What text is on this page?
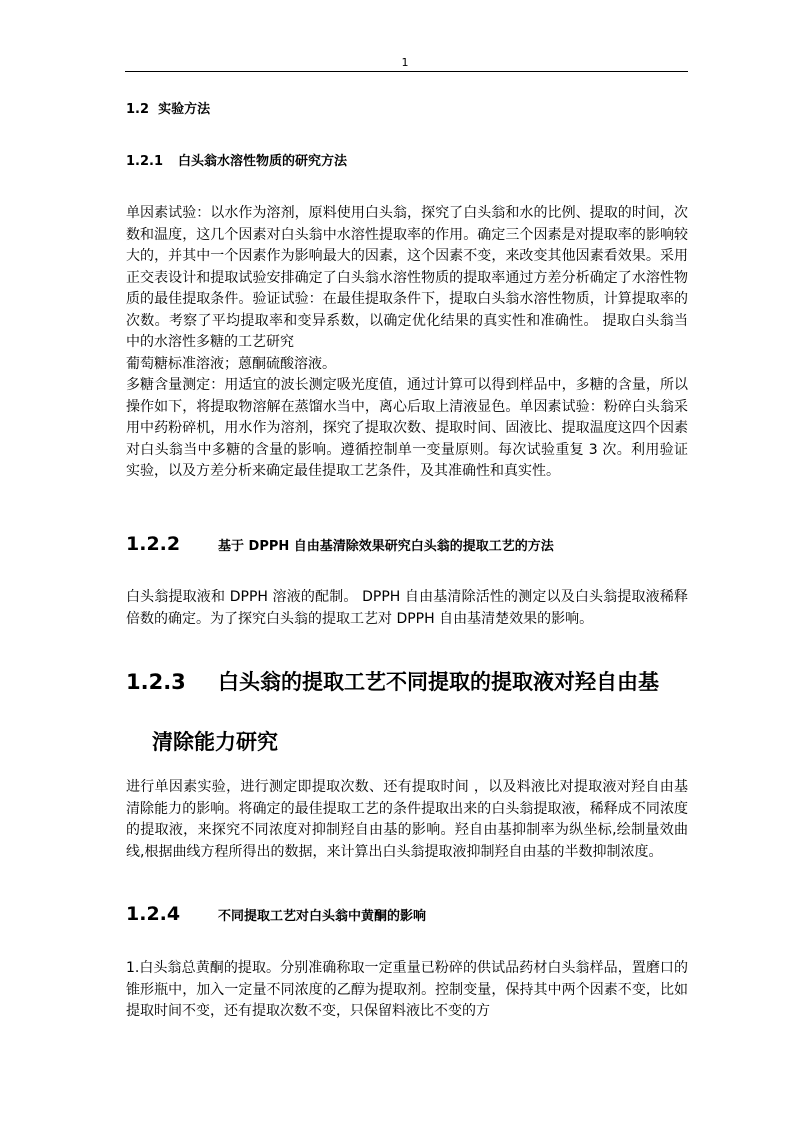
1
1.2 实验方法
1.2.1 白头翁水溶性物质的研究方法

单因素试验：以水作为溶剂，原料使用白头翁，探究了白头翁和水的比例、提取的时间，次数和温度，这几个因素对白头翁中水溶性提取率的作用。确定三个因素是对提取率的影响较大的，并其中一个因素作为影响最大的因素，这个因素不变，来改变其他因素看效果。采用正交表设计和提取试验安排确定了白头翁水溶性物质的提取率通过方差分析确定了水溶性物质的最佳提取条件。验证试验：在最佳提取条件下，提取白头翁水溶性物质，计算提取率的次数。考察了平均提取率和变异系数，以确定优化结果的真实性和准确性。 提取白头翁当中的水溶性多糖的工艺研究

葡萄糖标准溶液；蒽酮硫酸溶液。

多糖含量测定：用适宜的波长测定吸光度值，通过计算可以得到样品中，多糖的含量，所以操作如下，将提取物溶解在蒸馏水当中，离心后取上清液显色。单因素试验：粉碎白头翁采用中药粉碎机，用水作为溶剂，探究了提取次数、提取时间、固液比、提取温度这四个因素对白头翁当中多糖的含量的影响。遵循控制单一变量原则。每次试验重复 3 次。利用验证实验，以及方差分析来确定最佳提取工艺条件，及其准确性和真实性。

1.2.2	基于 DPPH 自由基清除效果研究白头翁的提取工艺的方法

白头翁提取液和 DPPH 溶液的配制。 DPPH 自由基清除活性的测定以及白头翁提取液稀释倍数的确定。为了探究白头翁的提取工艺对 DPPH 自由基清楚效果的影响。

1.2.3 白头翁的提取工艺不同提取的提取液对羟自由基
清除能力研究

进行单因素实验，进行测定即提取次数、还有提取时间 ，以及料液比对提取液对羟自由基清除能力的影响。将确定的最佳提取工艺的条件提取出来的白头翁提取液，稀释成不同浓度的提取液，来探究不同浓度对抑制羟自由基的影响。羟自由基抑制率为纵坐标,绘制量效曲线,根据曲线方程所得出的数据，来计算出白头翁提取液抑制羟自由基的半数抑制浓度。

1.2.4	不同提取工艺对白头翁中黄酮的影响

1.白头翁总黄酮的提取。分别准确称取一定重量已粉碎的供试品药材白头翁样品，置磨口的锥形瓶中，加入一定量不同浓度的乙醇为提取剂。控制变量，保持其中两个因素不变，比如提取时间不变，还有提取次数不变，只保留料液比不变的方
